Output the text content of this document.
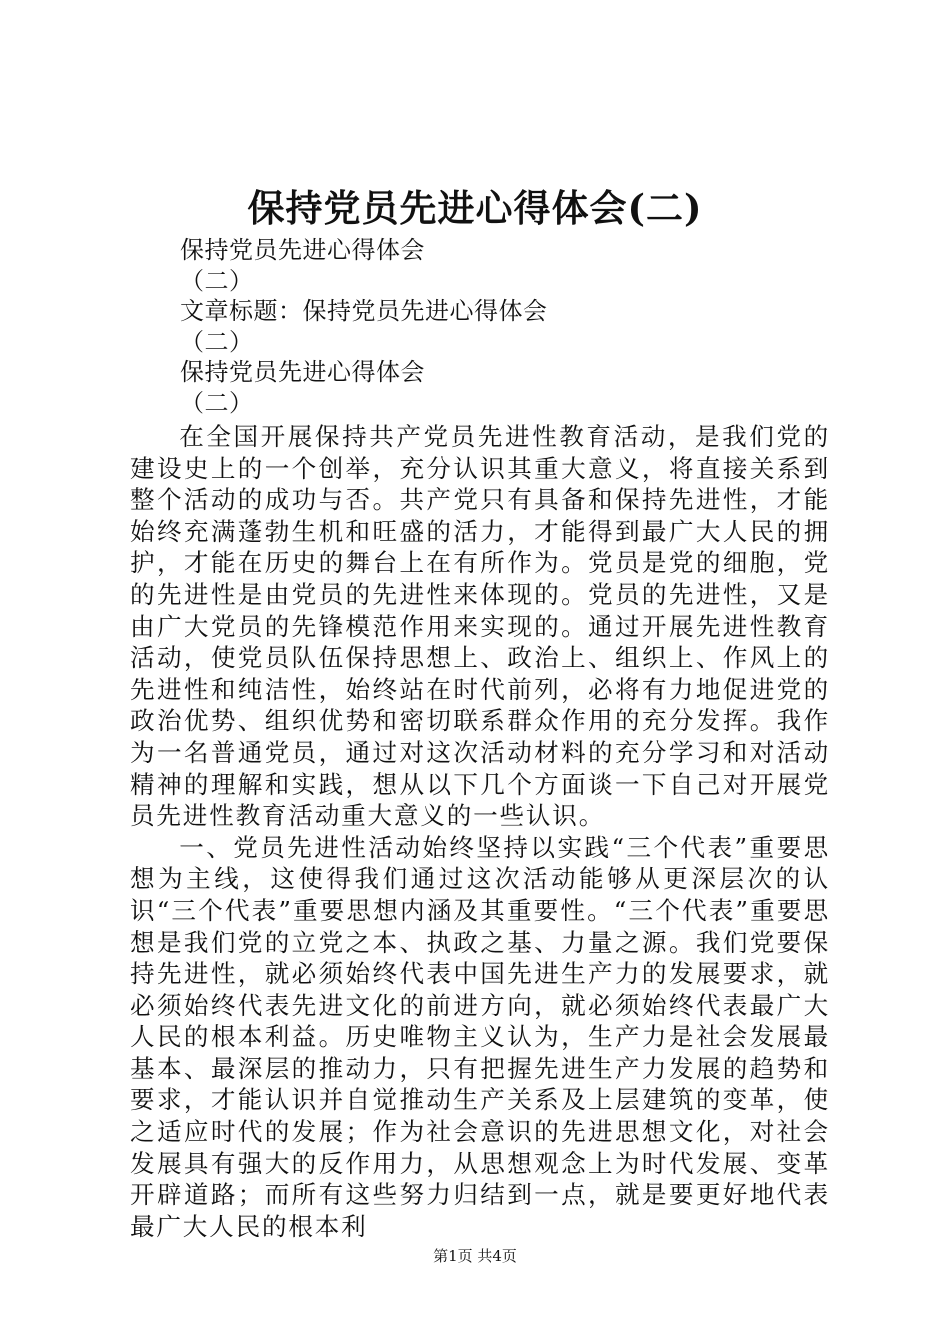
保持党员先进心得体会(二)
保持党员先进心得体会
（二）
文章标题：保持党员先进心得体会
（二）
保持党员先进心得体会
（二）

在全国开展保持共产党员先进性教育活动，是我们党的建设史上的一个创举，充分认识其重大意义，将直接关系到整个活动的成功与否。共产党只有具备和保持先进性，才能始终充满蓬勃生机和旺盛的活力，才能得到最广大人民的拥护，才能在历史的舞台上在有所作为。党员是党的细胞，党的先进性是由党员的先进性来体现的。党员的先进性，又是由广大党员的先锋模范作用来实现的。通过开展先进性教育活动，使党员队伍保持思想上、政治上、组织上、作风上的先进性和纯洁性，始终站在时代前列，必将有力地促进党的政治优势、组织优势和密切联系群众作用的充分发挥。我作为一名普通党员，通过对这次活动材料的充分学习和对活动精神的理解和实践，想从以下几个方面谈一下自己对开展党员先进性教育活动重大意义的一些认识。

一、党员先进性活动始终坚持以实践“三个代表”重要思想为主线，这使得我们通过这次活动能够从更深层次的认识“三个代表”重要思想内涵及其重要性。“三个代表”重要思想是我们党的立党之本、执政之基、力量之源。我们党要保持先进性，就必须始终代表中国先进生产力的发展要求，就必须始终代表先进文化的前进方向，就必须始终代表最广大人民的根本利益。历史唯物主义认为，生产力是社会发展最基本、最深层的推动力，只有把握先进生产力发展的趋势和要求，才能认识并自觉推动生产关系及上层建筑的变革，使之适应时代的发展；作为社会意识的先进思想文化，对社会发展具有强大的反作用力，从思想观念上为时代发展、变革开辟道路；而所有这些努力归结到一点，就是要更好地代表最广大人民的根本利

第1页 共4页
